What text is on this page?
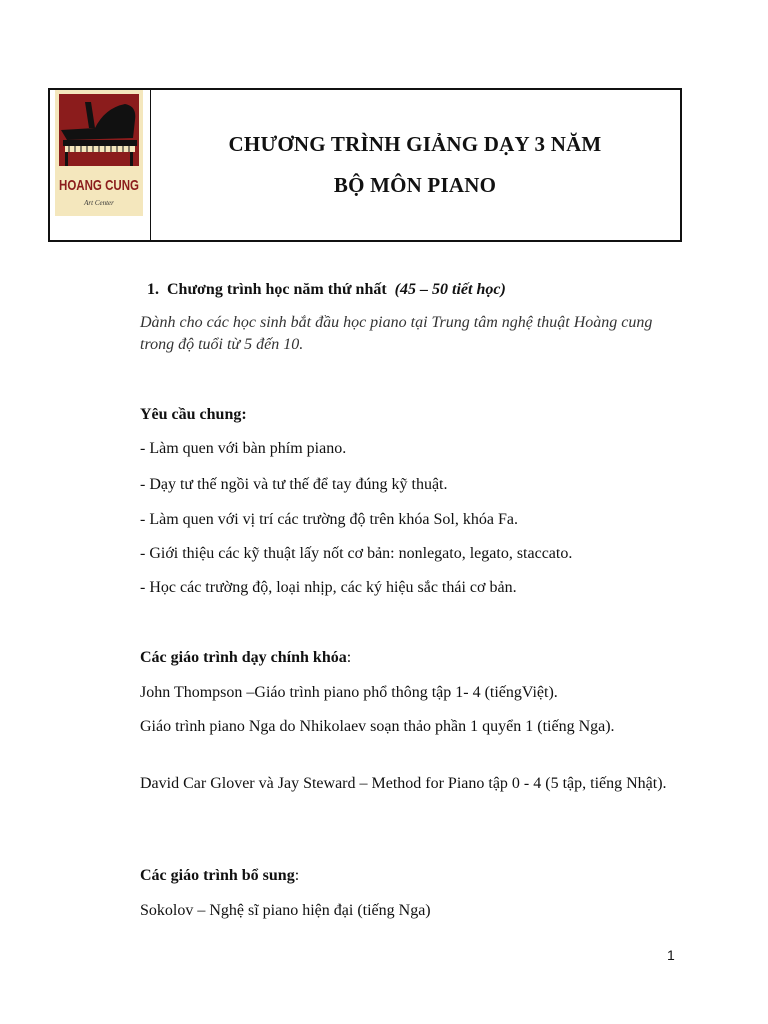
HOANG CUNG
Art Center
CHƯƠNG TRÌNH GIẢNG DẠY 3 NĂM
BỘ MÔN PIANO
1. Chương trình học năm thứ nhất (45 – 50 tiết học)
Dành cho các học sinh bắt đầu học piano tại Trung tâm nghệ thuật Hoàng cung trong độ tuổi từ 5 đến 10.
Yêu cầu chung:
- Làm quen với bàn phím piano.
- Dạy tư thế ngồi và tư thế để tay đúng kỹ thuật.
- Làm quen với vị trí các trường độ trên khóa Sol, khóa Fa.
- Giới thiệu các kỹ thuật lấy nốt cơ bản: nonlegato, legato, staccato.
- Học các trường độ, loại nhịp, các ký hiệu sắc thái cơ bản.
Các giáo trình dạy chính khóa:
John Thompson –Giáo trình piano phổ thông tập 1- 4 (tiếngViệt).
Giáo trình piano Nga do Nhikolaev soạn thảo phần 1 quyển 1 (tiếng Nga).
David Car Glover và Jay Steward – Method for Piano tập 0 - 4 (5 tập, tiếng Nhật).
Các giáo trình bổ sung:
Sokolov – Nghệ sĩ piano hiện đại (tiếng Nga)
1
